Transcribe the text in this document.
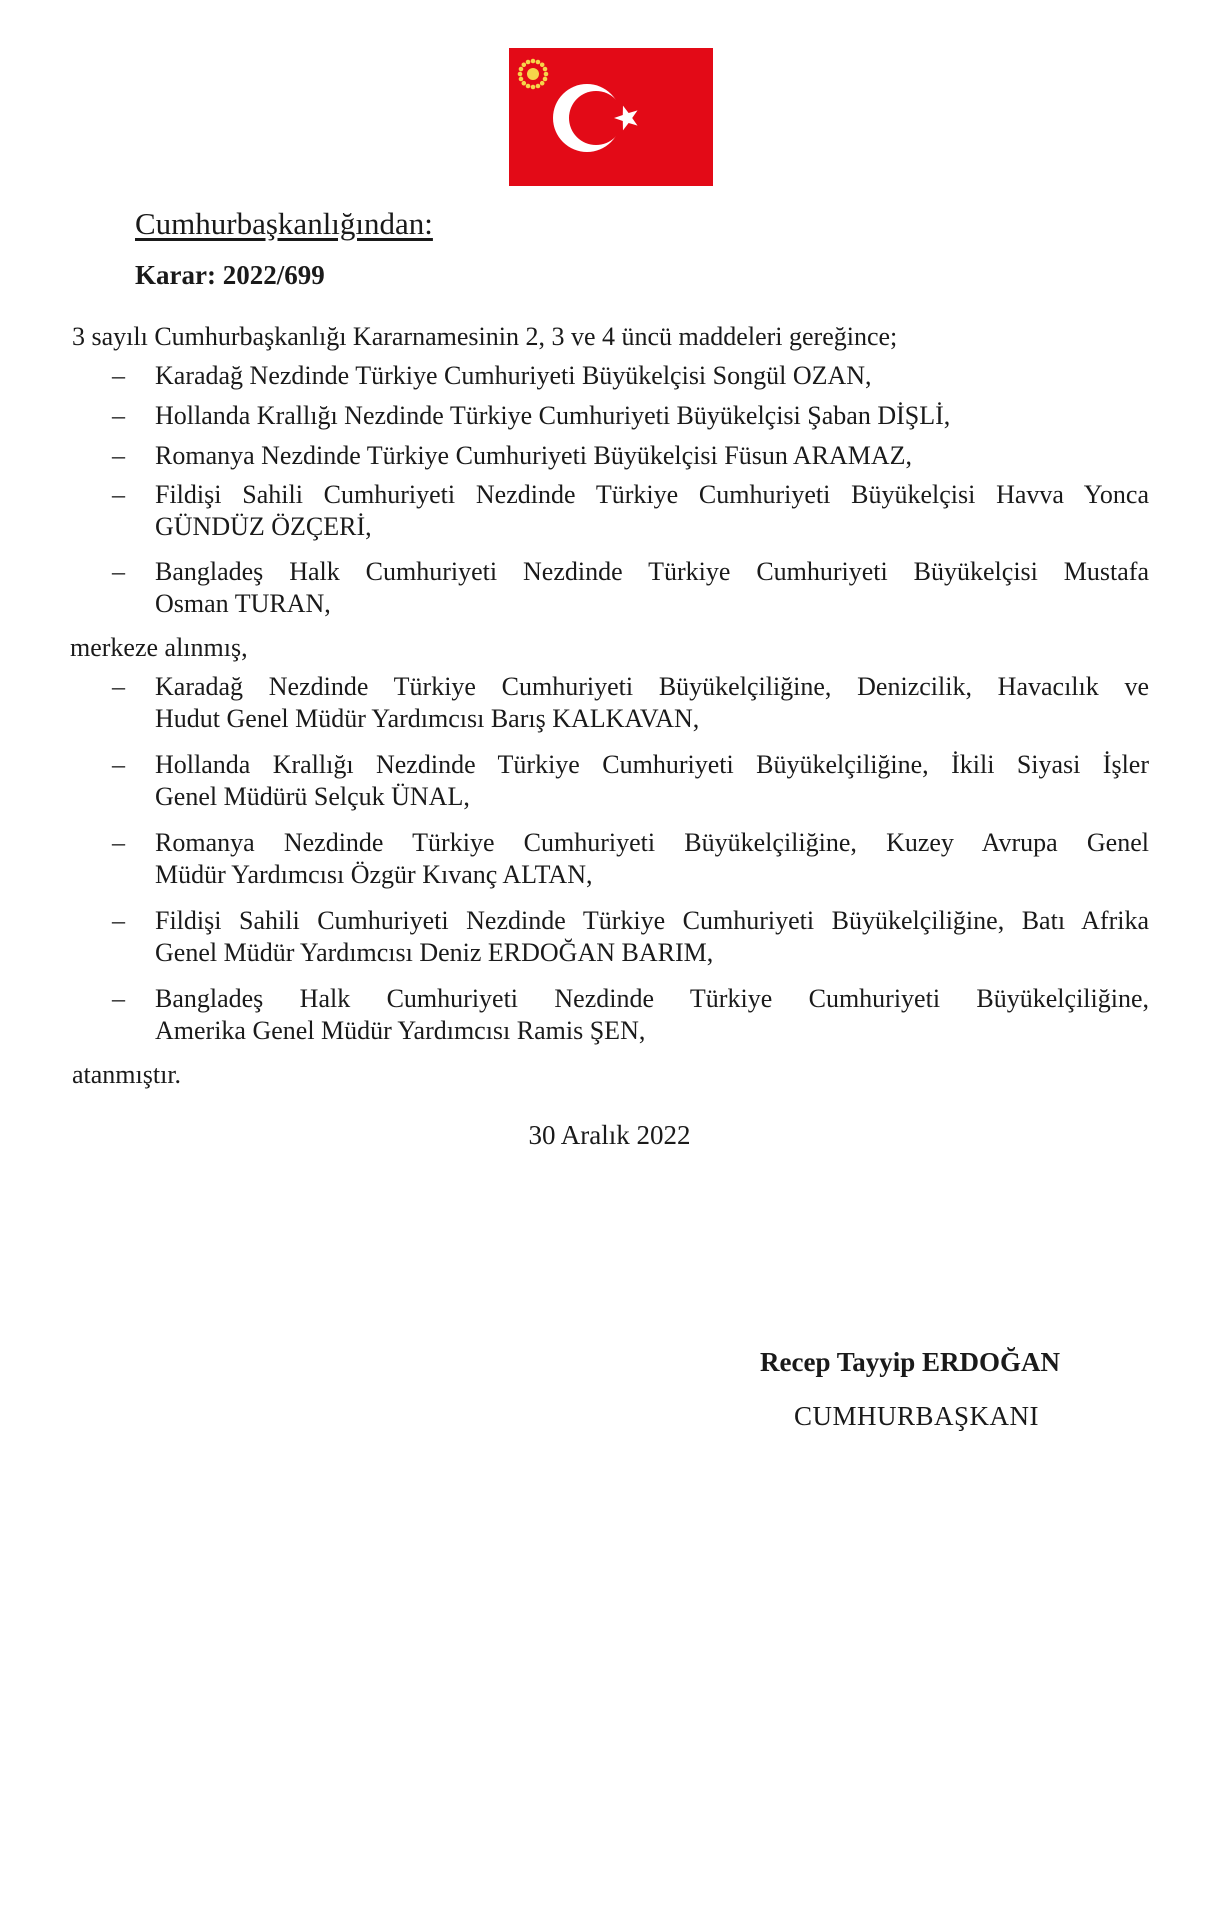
Cumhurbaşkanlığından:
Karar: 2022/699
3 sayılı Cumhurbaşkanlığı Kararnamesinin 2, 3 ve 4 üncü maddeleri gereğince;
– Karadağ Nezdinde Türkiye Cumhuriyeti Büyükelçisi Songül OZAN,
– Hollanda Krallığı Nezdinde Türkiye Cumhuriyeti Büyükelçisi Şaban DİŞLİ,
– Romanya Nezdinde Türkiye Cumhuriyeti Büyükelçisi Füsun ARAMAZ,
– Fildişi Sahili Cumhuriyeti Nezdinde Türkiye Cumhuriyeti Büyükelçisi Havva Yonca
GÜNDÜZ ÖZÇERİ,
– Bangladeş Halk Cumhuriyeti Nezdinde Türkiye Cumhuriyeti Büyükelçisi Mustafa
Osman TURAN,
merkeze alınmış,
– Karadağ Nezdinde Türkiye Cumhuriyeti Büyükelçiliğine, Denizcilik, Havacılık ve
Hudut Genel Müdür Yardımcısı Barış KALKAVAN,
– Hollanda Krallığı Nezdinde Türkiye Cumhuriyeti Büyükelçiliğine, İkili Siyasi İşler
Genel Müdürü Selçuk ÜNAL,
– Romanya Nezdinde Türkiye Cumhuriyeti Büyükelçiliğine, Kuzey Avrupa Genel
Müdür Yardımcısı Özgür Kıvanç ALTAN,
– Fildişi Sahili Cumhuriyeti Nezdinde Türkiye Cumhuriyeti Büyükelçiliğine, Batı Afrika
Genel Müdür Yardımcısı Deniz ERDOĞAN BARIM,
– Bangladeş Halk Cumhuriyeti Nezdinde Türkiye Cumhuriyeti Büyükelçiliğine,
Amerika Genel Müdür Yardımcısı Ramis ŞEN,
atanmıştır.
30 Aralık 2022
Recep Tayyip ERDOĞAN
CUMHURBAŞKANI
